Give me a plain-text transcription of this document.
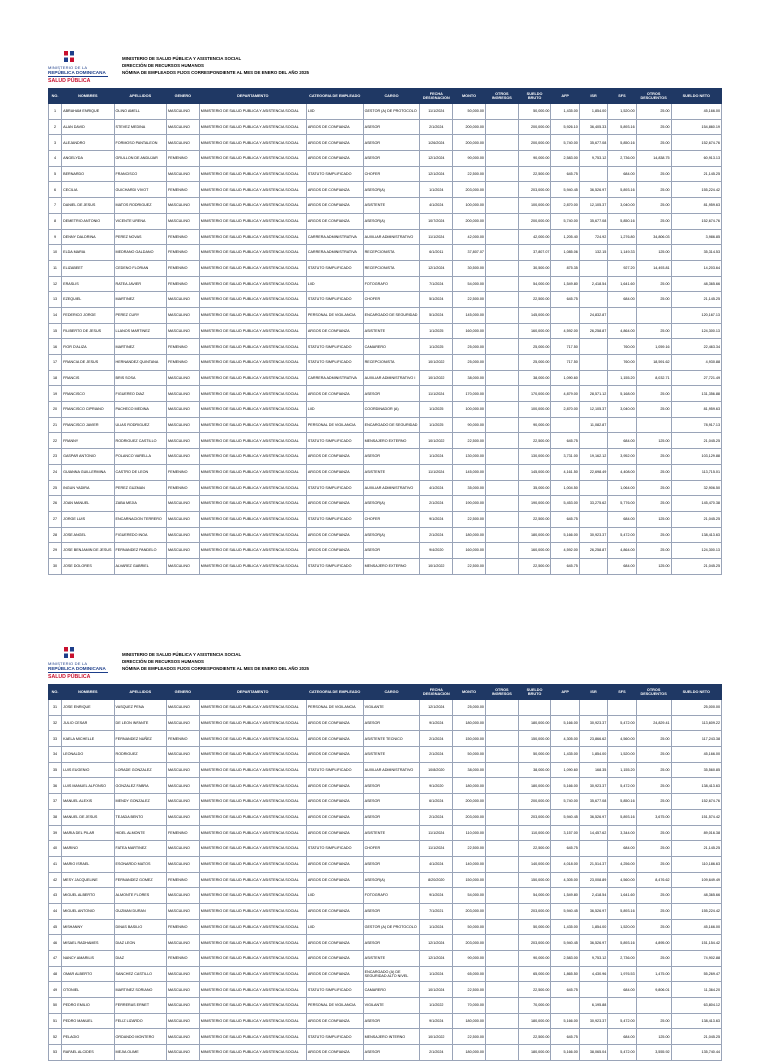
MINISTERIO DE LA
REPÚBLICA DOMINICANA
SALUD PÚBLICA
MINISTERIO DE SALUD PÚBLICA Y ASISTENCIA SOCIAL
DIRECCIÓN DE RECURSOS HUMANOS
NÓMINA DE EMPLEADOS FIJOS CORRESPONDIENTE AL MES DE ENERO DEL AÑO 2025
NO.	NOMBRES	APELLIDOS	GENERO	DEPARTAMENTO	CATEGORIA DE EMPLEADO	CARGO	FECHA DESIGNACION	MONTO	OTROS INGRESOS	SUELDO BRUTO	AFP	ISR	SFS	OTROS DESCUENTOS	SUELDO NETO
1	ABRAHAM ENRIQUE	OLINO AMELL	MASCULINO	MINISTERIO DE SALUD PUBLICA Y ASISTENCIA SOCIAL	LIID	GESTOR (A) DE PROTOCOLO	11/1/2024	50,000.00		50,000.00	1,435.00	1,854.00	1,520.00	25.00	45,166.00
2	ALAN DAVID	STEVEZ MEDINA	MASCULINO	MINISTERIO DE SALUD PUBLICA Y ASISTENCIA SOCIAL	ARGOS DE CONFIANZA	ASESOR	2/1/2024	200,000.00		200,000.00	5,926.10	36,405.33	5,893.16	25.00	154,860.19
3	ALEJANDRO	FORMOSO PANTALEON	MASCULINO	MINISTERIO DE SALUD PUBLICA Y ASISTENCIA SOCIAL	ARGOS DE CONFIANZA	ASESOR	1/26/2024	200,000.00		200,000.00	5,740.00	35,677.08	5,850.16	25.00	152,674.76
4	ANGELYDA	GRULLON DE ANDUJAR	FEMENINO	MINISTERIO DE SALUD PUBLICA Y ASISTENCIA SOCIAL	ARGOS DE CONFIANZA	ASESOR	12/1/2024	90,000.00		90,000.00	2,583.00	9,753.12	2,736.00	14,838.75	60,913.13
5	BERNARDO	FRANCISCO	MASCULINO	MINISTERIO DE SALUD PUBLICA Y ASISTENCIA SOCIAL	STATUTO SIMPLIFICADO	CHOFER	12/1/2024	22,500.00		22,500.00	645.75		684.00	25.00	21,145.25
6	CECILIA	GUICHARDI VIVOT	FEMENINO	MINISTERIO DE SALUD PUBLICA Y ASISTENCIA SOCIAL	ARGOS DE CONFIANZA	ASESOR(A)	1/1/2024	203,000.00		203,000.00	5,940.45	36,526.97	5,893.16	25.00	155,224.42
7	DANIEL DE JESUS	MATOS RODRIGUEZ	MASCULINO	MINISTERIO DE SALUD PUBLICA Y ASISTENCIA SOCIAL	ARGOS DE CONFIANZA	ASISTENTE	4/1/2024	100,000.00		100,000.00	2,870.00	12,105.37	3,040.00	25.00	81,959.63
8	DEMETRIO ANTONIO	VICENTE URENA	MASCULINO	MINISTERIO DE SALUD PUBLICA Y ASISTENCIA SOCIAL	ARGOS DE CONFIANZA	ASESOR(A)	10/7/2024	200,000.00		200,000.00	5,740.00	35,677.08	5,850.16	25.00	152,674.76
9	DENNY DALDRINA	PEREZ NOVAS	FEMENINO	MINISTERIO DE SALUD PUBLICA Y ASISTENCIA SOCIAL	CARRERA ADMINISTRATIVA	AUXILIAR ADMINISTRATIVO	11/1/2024	42,000.00		42,000.00	1,205.40	724.92	1,276.80	34,806.03	3,986.85
10	ELDA MARIA	MEDRANO GALDANO	FEMENINO	MINISTERIO DE SALUD PUBLICA Y ASISTENCIA SOCIAL	CARRERA ADMINISTRATIVA	RECEPCIONISTA	6/1/2011	37,807.07		37,807.07	1,085.06	132.15	1,149.33	125.00	35,314.53
11	ELIZABEET	CEDENO FLORIAN	FEMENINO	MINISTERIO DE SALUD PUBLICA Y ASISTENCIA SOCIAL	STATUTO SIMPLIFICADO	RECEPCIONISTA	12/1/2024	30,500.00		30,500.00	875.35		927.20	14,493.81	14,203.64
12	ERASLIS	RATEA JAVIER	FEMENINO	MINISTERIO DE SALUD PUBLICA Y ASISTENCIA SOCIAL	LIID	FOTOGRAFO	7/1/2024	54,000.00		54,000.00	1,549.80	2,418.54	1,641.60	25.00	48,365.66
13	EZEQUIEL	MARTINEZ	MASCULINO	MINISTERIO DE SALUD PUBLICA Y ASISTENCIA SOCIAL	STATUTO SIMPLIFICADO	CHOFER	5/1/2024	22,500.00		22,500.00	645.75		684.00	25.00	21,145.25
14	FEDERICO JORGE	PEREZ CURY	MASCULINO	MINISTERIO DE SALUD PUBLICA Y ASISTENCIA SOCIAL	PERSONAL DE VIGILANCIA	ENCARGADO DE SEGURIDAD	5/1/2024	145,000.00		145,000.00		24,832.87			120,167.13
15	FILIBERTO DE JESUS	LLANOS MARTINEZ	MASCULINO	MINISTERIO DE SALUD PUBLICA Y ASISTENCIA SOCIAL	ARGOS DE CONFIANZA	ASISTENTE	1/1/2025	160,000.00		160,000.00	4,592.00	26,258.87	4,864.00	25.00	124,300.13
16	FIOR D'ALIZA	MARTINEZ	FEMENINO	MINISTERIO DE SALUD PUBLICA Y ASISTENCIA SOCIAL	STATUTO SIMPLIFICADO	CAMARERO	1/1/2025	25,000.00		25,000.00	717.50		760.00	1,059.16	22,463.34
17	FRANCIA DE JESUS	HERNANDEZ QUINTANA	FEMENINO	MINISTERIO DE SALUD PUBLICA Y ASISTENCIA SOCIAL	STATUTO SIMPLIFICADO	RECEPCIONISTA	10/1/2022	25,000.00		25,000.00	717.50		760.00	18,591.62	4,930.88
18	FRANCIS	BRIS SOSA	MASCULINO	MINISTERIO DE SALUD PUBLICA Y ASISTENCIA SOCIAL	CARRERA ADMINISTRATIVA	AUXILIAR ADMINISTRATIVO I	10/1/2022	38,000.00		38,000.00	1,090.60		1,155.20	8,032.71	27,721.49
19	FRANCISCO	FIGUEREO DIAZ	MASCULINO	MINISTERIO DE SALUD PUBLICA Y ASISTENCIA SOCIAL	ARGOS DE CONFIANZA	ASESOR	11/1/2024	170,000.00		170,000.00	4,879.00	28,571.12	5,168.00	25.00	131,356.88
20	FRANCISCO CIPRIANO	PACHECO MEDINA	MASCULINO	MINISTERIO DE SALUD PUBLICA Y ASISTENCIA SOCIAL	LIID	COORDINADOR (A)	1/1/2025	100,000.00		100,000.00	2,870.00	12,105.37	3,040.00	25.00	81,959.63
21	FRANCISCO JAVIER	ULIAS RODRIGUEZ	MASCULINO	MINISTERIO DE SALUD PUBLICA Y ASISTENCIA SOCIAL	PERSONAL DE VIGILANCIA	ENCARGADO DE SEGURIDAD	1/1/2025	90,000.00		90,000.00		11,082.87			78,917.13
22	FRANNY	RODRIGUEZ CASTILLO	MASCULINO	MINISTERIO DE SALUD PUBLICA Y ASISTENCIA SOCIAL	STATUTO SIMPLIFICADO	MENSAJERO EXTERNO	10/1/2022	22,500.00		22,500.00	645.75		684.00	125.00	21,045.25
23	GASPAR ANTONIO	POLANCO VARELLA	MASCULINO	MINISTERIO DE SALUD PUBLICA Y ASISTENCIA SOCIAL	ARGOS DE CONFIANZA	ASESOR	1/1/2024	130,000.00		130,000.00	3,731.00	19,162.12	3,952.00	25.00	103,129.88
24	GUIANNA GUILLERMINA	CASTRO DE LEON	FEMENINO	MINISTERIO DE SALUD PUBLICA Y ASISTENCIA SOCIAL	ARGOS DE CONFIANZA	ASISTENTE	11/1/2024	145,000.00		145,000.00	4,161.50	22,698.49	4,408.00	25.00	113,715.01
25	INGUN YADIRA	PEREZ GUZMAN	FEMENINO	MINISTERIO DE SALUD PUBLICA Y ASISTENCIA SOCIAL	STATUTO SIMPLIFICADO	AUXILIAR ADMINISTRATIVO	4/1/2024	35,000.00		35,000.00	1,004.50		1,064.00	25.00	32,906.50
26	JOAN MANUEL	ZABA MEJIA	MASCULINO	MINISTERIO DE SALUD PUBLICA Y ASISTENCIA SOCIAL	ARGOS DE CONFIANZA	ASESOR(A)	2/1/2024	190,000.00		190,000.00	5,453.00	33,275.62	5,776.00	25.00	145,470.38
27	JORGE LUIS	ENCARNACION TERRERO	MASCULINO	MINISTERIO DE SALUD PUBLICA Y ASISTENCIA SOCIAL	STATUTO SIMPLIFICADO	CHOFER	9/1/2024	22,500.00		22,500.00	645.75		684.00	125.00	21,045.25
28	JOSE ANGEL	FIGUEREDO INOA	MASCULINO	MINISTERIO DE SALUD PUBLICA Y ASISTENCIA SOCIAL	ARGOS DE CONFIANZA	ASESOR(A)	2/1/2024	180,000.00		180,000.00	5,166.00	30,923.37	5,472.00	25.00	138,413.63
29	JOSE BENJAMIN DE JESUS	FERNANDEZ PANDELO	MASCULINO	MINISTERIO DE SALUD PUBLICA Y ASISTENCIA SOCIAL	ARGOS DE CONFIANZA	ASESOR	9/4/2020	160,000.00		160,000.00	4,592.00	26,258.87	4,864.00	25.00	124,300.13
30	JOSE DOLORES	ALVAREZ GABRIEL	MASCULINO	MINISTERIO DE SALUD PUBLICA Y ASISTENCIA SOCIAL	STATUTO SIMPLIFICADO	MENSAJERO EXTERNO	10/1/2022	22,500.00		22,500.00	645.75		684.00	125.00	21,045.25
MINISTERIO DE LA
REPÚBLICA DOMINICANA
SALUD PÚBLICA
MINISTERIO DE SALUD PÚBLICA Y ASISTENCIA SOCIAL
DIRECCIÓN DE RECURSOS HUMANOS
NÓMINA DE EMPLEADOS FIJOS CORRESPONDIENTE AL MES DE ENERO DEL AÑO 2025
NO.	NOMBRES	APELLIDOS	GENERO	DEPARTAMENTO	CATEGORIA DE EMPLEADO	CARGO	FECHA DESIGNACION	MONTO	OTROS INGRESOS	SUELDO BRUTO	AFP	ISR	SFS	OTROS DESCUENTOS	SUELDO NETO
31	JOSE ENRIQUE	VASQUEZ PENA	MASCULINO	MINISTERIO DE SALUD PUBLICA Y ASISTENCIA SOCIAL	PERSONAL DE VIGILANCIA	VIGILANTE	12/1/2024	25,000.00							25,000.00
32	JULIO CESAR	DE LEON INFANTE	MASCULINO	MINISTERIO DE SALUD PUBLICA Y ASISTENCIA SOCIAL	ARGOS DE CONFIANZA	ASESOR	9/1/2024	180,000.00		180,000.00	5,166.00	30,923.37	5,472.00	24,829.41	113,609.22
33	KAELA MICHELLE	FERNANDEZ NUÑEZ	FEMENINO	MINISTERIO DE SALUD PUBLICA Y ASISTENCIA SOCIAL	ARGOS DE CONFIANZA	ASISTENTE TECNICO	2/1/2024	150,000.00		150,000.00	4,305.00	23,866.62	4,560.00	25.00	117,243.38
34	LEONALDO	RODRIGUEZ	MASCULINO	MINISTERIO DE SALUD PUBLICA Y ASISTENCIA SOCIAL	ARGOS DE CONFIANZA	ASISTENTE	2/1/2024	50,000.00		50,000.00	1,435.00	1,854.00	1,520.00	25.00	45,166.00
35	LUIS EUGENIO	LORADE GONZALEZ	MASCULINO	MINISTERIO DE SALUD PUBLICA Y ASISTENCIA SOCIAL	STATUTO SIMPLIFICADO	AUXILIAR ADMINISTRATIVO	10/8/2020	38,000.00		38,000.00	1,090.60	168.35	1,155.20	25.00	35,560.85
36	LUIS MANUEL ALFONSO	GONZALEZ FABRA	MASCULINO	MINISTERIO DE SALUD PUBLICA Y ASISTENCIA SOCIAL	ARGOS DE CONFIANZA	ASESOR	9/1/2020	180,000.00		180,000.00	5,166.00	30,923.37	5,472.00	25.00	138,413.63
37	MANUEL ALEXIS	MENDY GONZALEZ	MASCULINO	MINISTERIO DE SALUD PUBLICA Y ASISTENCIA SOCIAL	ARGOS DE CONFIANZA	ASESOR	6/1/2024	200,000.00		200,000.00	5,740.00	35,677.08	5,850.16	25.00	152,674.76
38	MANUEL DE JESUS	TEJADA BENTO	MASCULINO	MINISTERIO DE SALUD PUBLICA Y ASISTENCIA SOCIAL	ARGOS DE CONFIANZA	ASESOR	2/1/2024	203,000.00		203,000.00	5,940.45	36,526.97	5,893.16	3,675.00	151,574.42
39	MARIA DEL PILAR	HIDEL ALMONTE	FEMENINO	MINISTERIO DE SALUD PUBLICA Y ASISTENCIA SOCIAL	ARGOS DE CONFIANZA	ASISTENTE	11/1/2024	110,000.00		110,000.00	3,157.00	14,457.62	3,344.00	25.00	89,016.38
40	MARINO	FATEA MARTINEZ	MASCULINO	MINISTERIO DE SALUD PUBLICA Y ASISTENCIA SOCIAL	STATUTO SIMPLIFICADO	CHOFER	11/1/2024	22,500.00		22,500.00	645.75		684.00	25.00	21,145.25
41	MARIO ISRAEL	ESONARDO MATOS	MASCULINO	MINISTERIO DE SALUD PUBLICA Y ASISTENCIA SOCIAL	ARGOS DE CONFIANZA	ASESOR	4/1/2024	140,000.00		140,000.00	4,018.00	21,514.37	4,256.00	25.00	110,186.63
42	MESY JACQUELINE	FERNANDEZ GOMEZ	FEMENINO	MINISTERIO DE SALUD PUBLICA Y ASISTENCIA SOCIAL	ARGOS DE CONFIANZA	ASESOR(A)	8/20/2020	150,000.00		150,000.00	4,305.00	23,008.89	4,560.00	8,476.62	109,649.49
43	MIGUEL ALBERTO	ALMONTE FLORES	MASCULINO	MINISTERIO DE SALUD PUBLICA Y ASISTENCIA SOCIAL	LIID	FOTOGRAFO	9/1/2024	54,000.00		54,000.00	1,549.80	2,418.54	1,641.60	25.00	48,365.66
44	MIGUEL ANTONIO	GUZMAN DURAN	MASCULINO	MINISTERIO DE SALUD PUBLICA Y ASISTENCIA SOCIAL	ARGOS DE CONFIANZA	ASESOR	7/1/2021	203,000.00		203,000.00	5,940.45	36,526.97	5,893.16	25.00	155,224.42
45	MISHANNY	DINAS BASILIO	FEMENINO	MINISTERIO DE SALUD PUBLICA Y ASISTENCIA SOCIAL	LIID	GESTOR (A) DE PROTOCOLO	1/1/2024	50,000.00		50,000.00	1,435.00	1,854.00	1,520.00	25.00	45,166.00
46	MISAEL RADHAMES	DIAZ LEON	MASCULINO	MINISTERIO DE SALUD PUBLICA Y ASISTENCIA SOCIAL	ARGOS DE CONFIANZA	ASESOR	12/1/2024	203,000.00		203,000.00	5,940.45	36,526.97	5,893.16	4,895.00	151,154.42
47	NANCY AMARILIS	DIAZ	FEMENINO	MINISTERIO DE SALUD PUBLICA Y ASISTENCIA SOCIAL	ARGOS DE CONFIANZA	ASISTENTE	12/1/2024	90,000.00		90,000.00	2,583.00	9,753.12	2,736.00	25.00	74,902.88
48	OMAR ALBERTO	SANCHEZ CASTILLO	MASCULINO	MINISTERIO DE SALUD PUBLICA Y ASISTENCIA SOCIAL	ARGOS DE CONFIANZA	ENCARGADO (A) DE SEGURIDAD ALTO NIVEL	1/1/2024	65,000.00		65,000.00	1,865.50	4,430.96	1,976.53	1,475.00	55,269.47
49	OTONIEL	MARTINEZ SORIANO	MASCULINO	MINISTERIO DE SALUD PUBLICA Y ASISTENCIA SOCIAL	STATUTO SIMPLIFICADO	CAMARERO	10/1/2024	22,500.00		22,500.00	645.75		684.00	9,806.01	11,364.20
50	PEDRO EMILIO	FERRERAS ERNET	MASCULINO	MINISTERIO DE SALUD PUBLICA Y ASISTENCIA SOCIAL	PERSONAL DE VIGILANCIA	VIGILANTE	1/1/2022	70,000.00		70,000.00		6,195.88			63,804.12
51	PEDRO MANUEL	FELIZ LIZARDO	MASCULINO	MINISTERIO DE SALUD PUBLICA Y ASISTENCIA SOCIAL	ARGOS DE CONFIANZA	ASESOR	9/1/2024	180,000.00		180,000.00	5,166.00	30,923.37	5,472.00	25.00	138,413.63
52	PELAGIO	ORDANDO MONTERO	MASCULINO	MINISTERIO DE SALUD PUBLICA Y ASISTENCIA SOCIAL	STATUTO SIMPLIFICADO	MENSAJERO INTERNO	10/1/2022	22,500.00		22,500.00	645.75		684.00	125.00	21,045.25
53	RAFAEL ALCIDES	MEJIA OLIME	MASCULINO	MINISTERIO DE SALUD PUBLICA Y ASISTENCIA SOCIAL	ARGOS DE CONFIANZA	ASESOR	2/1/2024	180,000.00		180,000.00	5,166.00	38,065.04	5,472.00	3,555.92	135,740.44
